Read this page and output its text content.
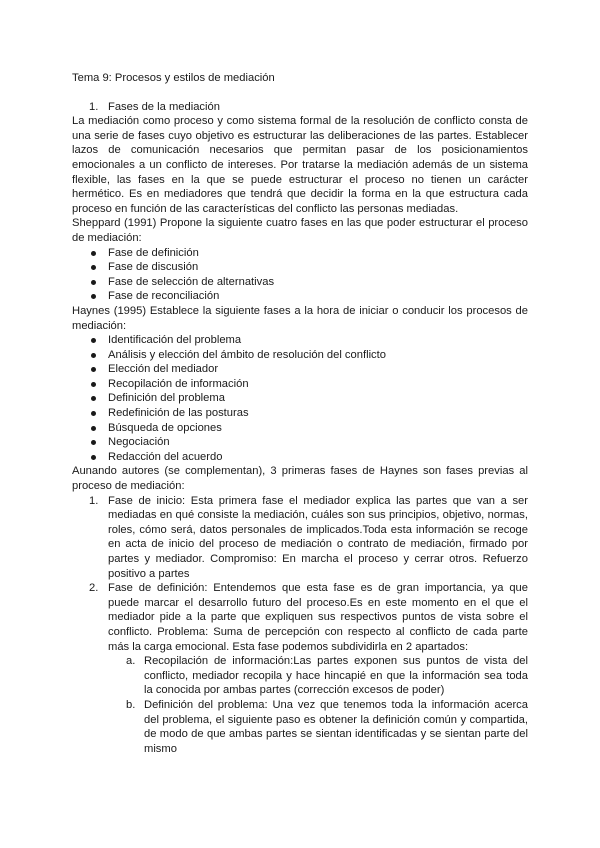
Tema 9: Procesos y estilos de mediación

1. Fases de la mediación

La mediación como proceso y como sistema formal de la resolución de conflicto consta de una serie de fases cuyo objetivo es estructurar las deliberaciones de las partes. Establecer lazos de comunicación necesarios que permitan pasar de los posicionamientos emocionales a un conflicto de intereses. Por tratarse la mediación además de un sistema flexible, las fases en la que se puede estructurar el proceso no tienen un carácter hermético. Es en mediadores que tendrá que decidir la forma en la que estructura cada proceso en función de las características del conflicto las personas mediadas.

Sheppard (1991) Propone la siguiente cuatro fases en las que poder estructurar el proceso de mediación:

Fase de definición
Fase de discusión
Fase de selección de alternativas
Fase de reconciliación

Haynes (1995) Establece la siguiente fases a la hora de iniciar o conducir los procesos de mediación:

Identificación del problema
Análisis y elección del ámbito de resolución del conflicto
Elección del mediador
Recopilación de información
Definición del problema
Redefinición de las posturas
Búsqueda de opciones
Negociación
Redacción del acuerdo

Aunando autores (se complementan), 3 primeras fases de Haynes son fases previas al proceso de mediación:

1. Fase de inicio: Esta primera fase el mediador explica las partes que van a ser mediadas en qué consiste la mediación, cuáles son sus principios, objetivo, normas, roles, cómo será, datos personales de implicados.Toda esta información se recoge en acta de inicio del proceso de mediación o contrato de mediación, firmado por partes y mediador. Compromiso: En marcha el proceso y cerrar otros. Refuerzo positivo a partes
2. Fase de definición: Entendemos que esta fase es de gran importancia, ya que puede marcar el desarrollo futuro del proceso.Es en este momento en el que el mediador pide a la parte que expliquen sus respectivos puntos de vista sobre el conflicto. Problema: Suma de percepción con respecto al conflicto de cada parte más la carga emocional. Esta fase podemos subdividirla en 2 apartados:
a. Recopilación de información:Las partes exponen sus puntos de vista del conflicto, mediador recopila y hace hincapié en que la información sea toda la conocida por ambas partes (corrección excesos de poder)
b. Definición del problema: Una vez que tenemos toda la información acerca del problema, el siguiente paso es obtener la definición común y compartida, de modo de que ambas partes se sientan identificadas y se sientan parte del mismo
